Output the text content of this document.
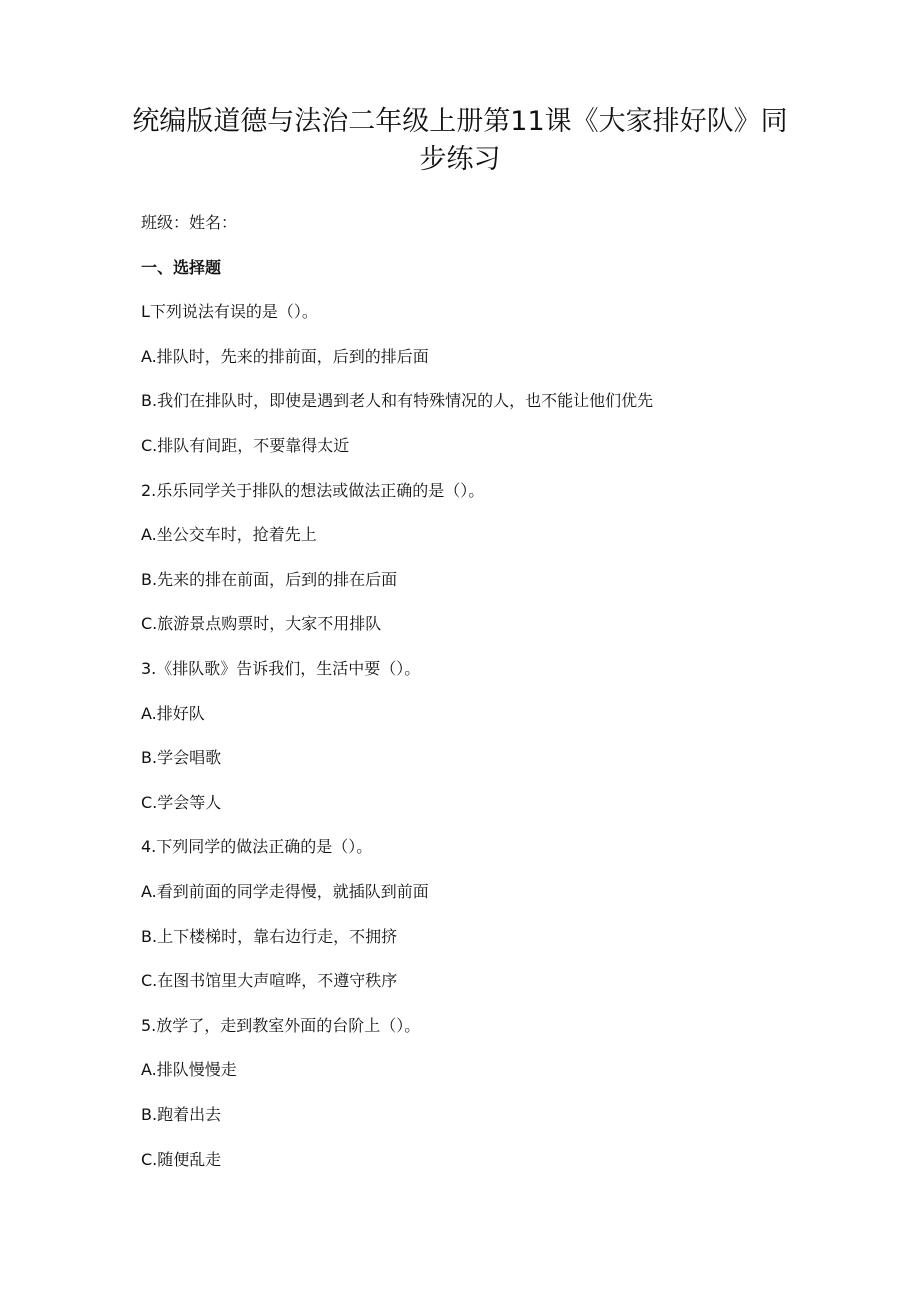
统编版道德与法治二年级上册第11课《大家排好队》同步练习
班级：姓名：
一、选择题
L下列说法有误的是（）。
A.排队时，先来的排前面，后到的排后面
B.我们在排队时，即使是遇到老人和有特殊情况的人，也不能让他们优先
C.排队有间距，不要靠得太近
2.乐乐同学关于排队的想法或做法正确的是（）。
A.坐公交车时，抢着先上
B.先来的排在前面，后到的排在后面
C.旅游景点购票时，大家不用排队
3.《排队歌》告诉我们，生活中要（）。
A.排好队
B.学会唱歌
C.学会等人
4.下列同学的做法正确的是（）。
A.看到前面的同学走得慢，就插队到前面
B.上下楼梯时，靠右边行走，不拥挤
C.在图书馆里大声喧哗，不遵守秩序
5.放学了，走到教室外面的台阶上（）。
A.排队慢慢走
B.跑着出去
C.随便乱走
